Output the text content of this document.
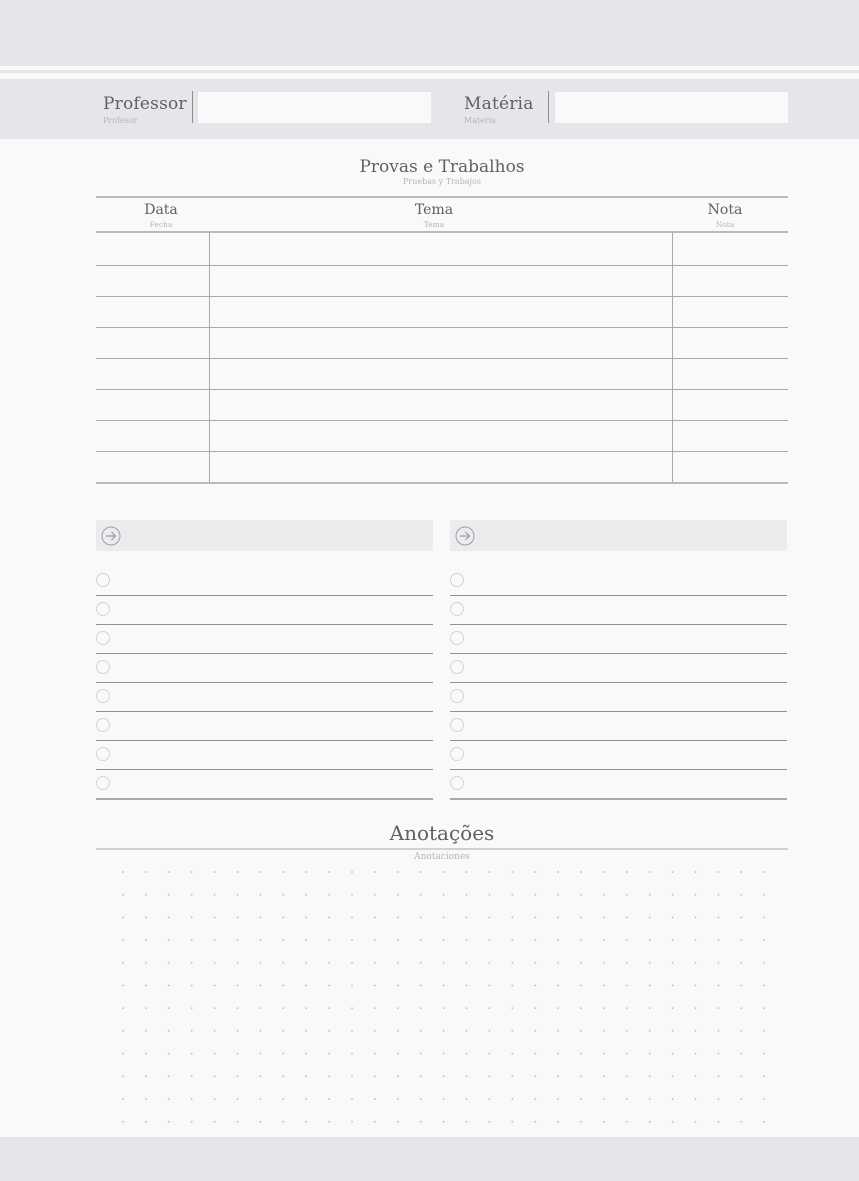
Professor
Profesor
Matéria
Materia
Provas e Trabalhos
Pruebas y Trabajos
Data
Fecha
Tema
Tema
Nota
Nota
Anotações
Anotaciones
